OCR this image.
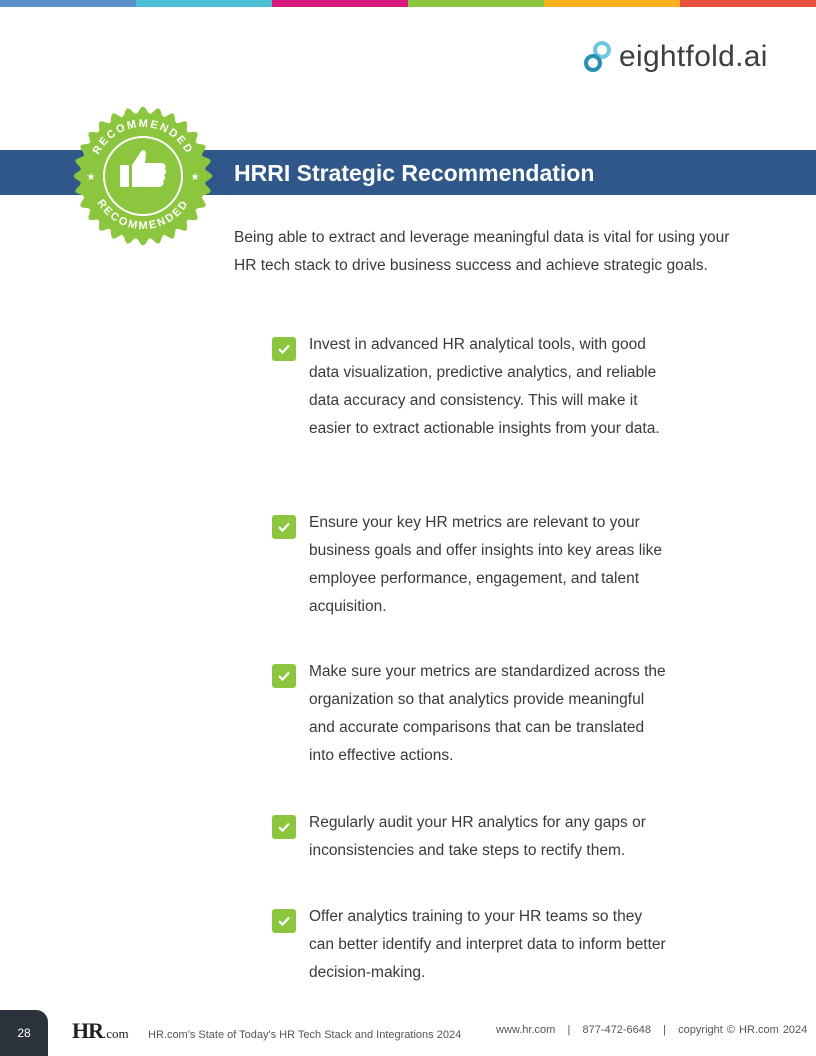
eightfold.ai
HRRI Strategic Recommendation
RECOMMENDED
RECOMMENDED
★	★
Being able to extract and leverage meaningful data is vital for using your HR tech stack to drive business success and achieve strategic goals.
Invest in advanced HR analytical tools, with good data visualization, predictive analytics, and reliable data accuracy and consistency. This will make it easier to extract actionable insights from your data.
Ensure your key HR metrics are relevant to your business goals and offer insights into key areas like employee performance, engagement, and talent acquisition.
Make sure your metrics are standardized across the organization so that analytics provide meaningful and accurate comparisons that can be translated into effective actions.
Regularly audit your HR analytics for any gaps or inconsistencies and take steps to rectify them.
Offer analytics training to your HR teams so they can better identify and interpret data to inform better decision-making.
28	HR.com HR.com's State of Today's HR Tech Stack and Integrations 2024	www.hr.com   |   877-472-6648   |   copyright © HR.com 2024
